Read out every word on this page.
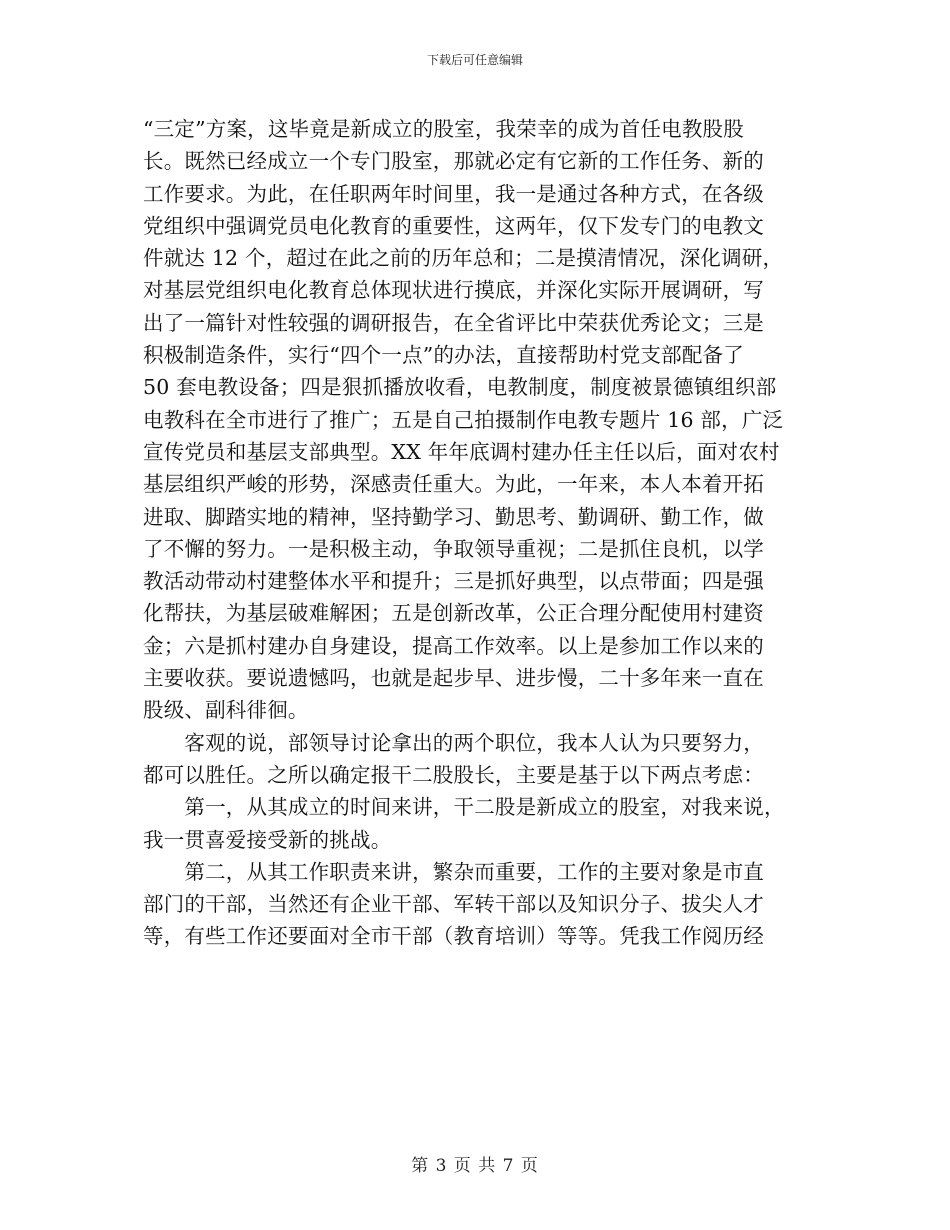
下载后可任意编辑
“三定”方案，这毕竟是新成立的股室，我荣幸的成为首任电教股股
长。既然已经成立一个专门股室，那就必定有它新的工作任务、新的
工作要求。为此，在任职两年时间里，我一是通过各种方式，在各级
党组织中强调党员电化教育的重要性，这两年，仅下发专门的电教文
件就达 12 个，超过在此之前的历年总和；二是摸清情况，深化调研，
对基层党组织电化教育总体现状进行摸底，并深化实际开展调研，写
出了一篇针对性较强的调研报告，在全省评比中荣获优秀论文；三是
积极制造条件，实行“四个一点”的办法，直接帮助村党支部配备了
50 套电教设备；四是狠抓播放收看，电教制度，制度被景德镇组织部
电教科在全市进行了推广；五是自己拍摄制作电教专题片 16 部，广泛
宣传党员和基层支部典型。XX 年年底调村建办任主任以后，面对农村
基层组织严峻的形势，深感责任重大。为此，一年来，本人本着开拓
进取、脚踏实地的精神，坚持勤学习、勤思考、勤调研、勤工作，做
了不懈的努力。一是积极主动，争取领导重视；二是抓住良机，以学
教活动带动村建整体水平和提升；三是抓好典型，以点带面；四是强
化帮扶，为基层破难解困；五是创新改革，公正合理分配使用村建资
金；六是抓村建办自身建设，提高工作效率。以上是参加工作以来的
主要收获。要说遗憾吗，也就是起步早、进步慢，二十多年来一直在
股级、副科徘徊。
　　客观的说，部领导讨论拿出的两个职位，我本人认为只要努力，
都可以胜任。之所以确定报干二股股长，主要是基于以下两点考虑：
　　第一，从其成立的时间来讲，干二股是新成立的股室，对我来说，
我一贯喜爱接受新的挑战。
　　第二，从其工作职责来讲，繁杂而重要，工作的主要对象是市直
部门的干部，当然还有企业干部、军转干部以及知识分子、拔尖人才
等，有些工作还要面对全市干部（教育培训）等等。凭我工作阅历经
第 3 页 共 7 页
